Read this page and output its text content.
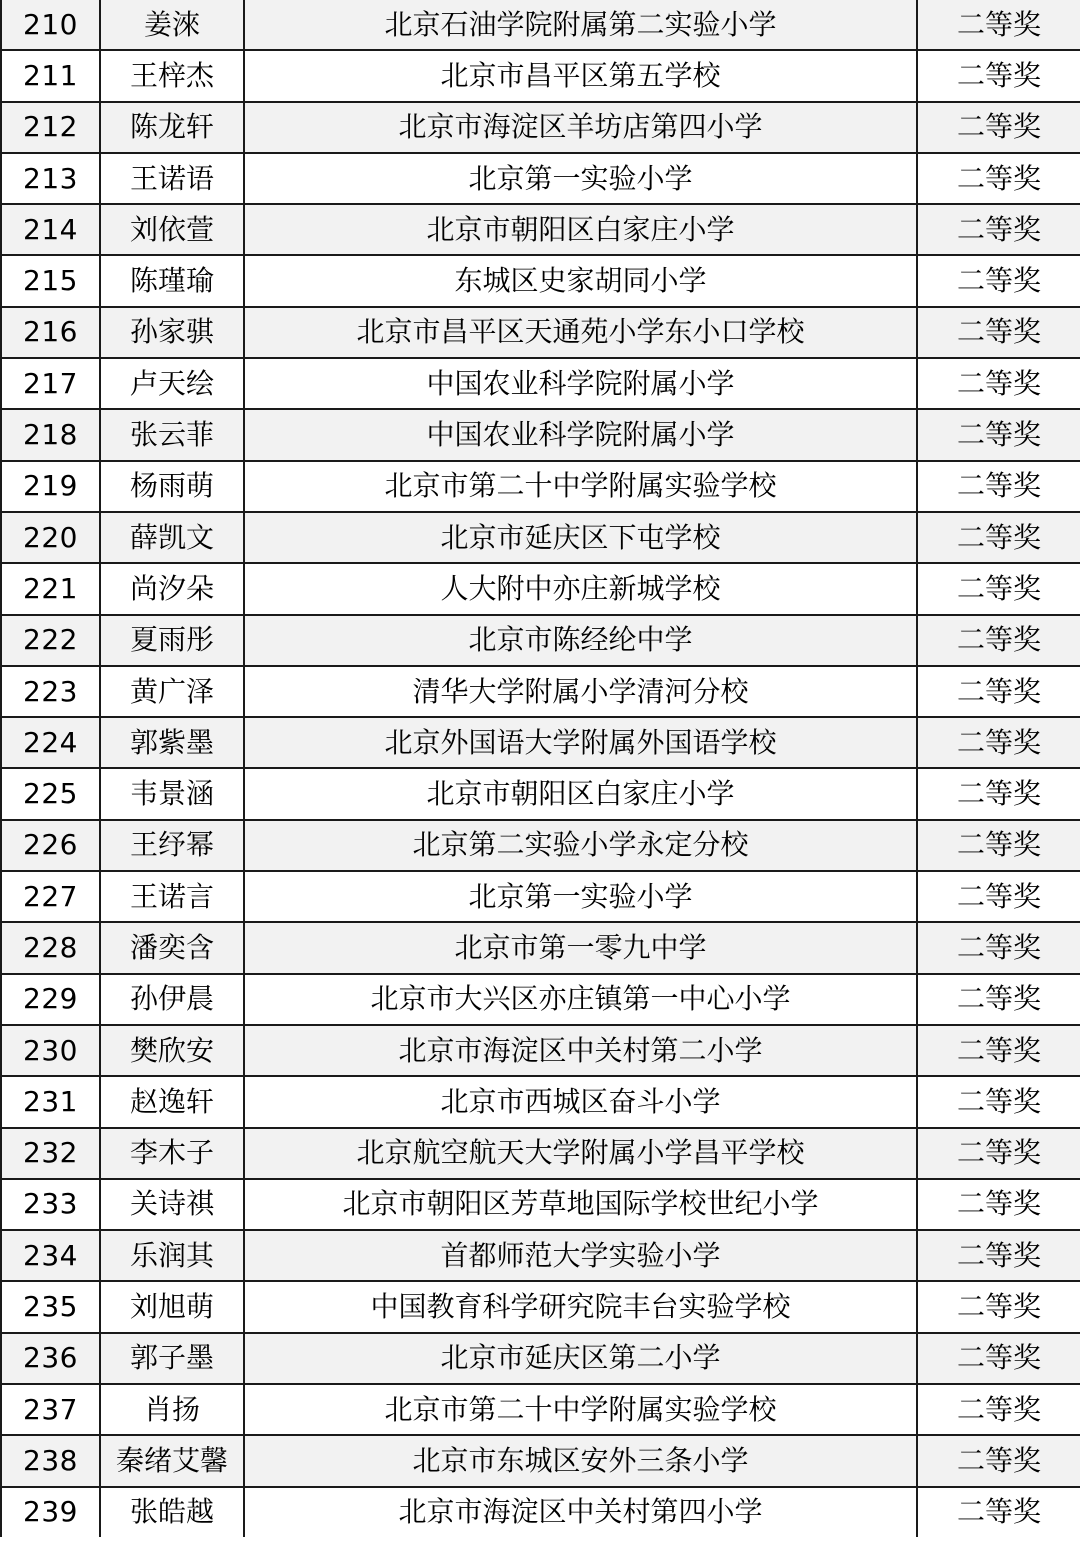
210	姜淶	北京石油学院附属第二实验小学	二等奖
211	王梓杰	北京市昌平区第五学校	二等奖
212	陈龙轩	北京市海淀区羊坊店第四小学	二等奖
213	王诺语	北京第一实验小学	二等奖
214	刘依萱	北京市朝阳区白家庄小学	二等奖
215	陈瑾瑜	东城区史家胡同小学	二等奖
216	孙家骐	北京市昌平区天通苑小学东小口学校	二等奖
217	卢天绘	中国农业科学院附属小学	二等奖
218	张云菲	中国农业科学院附属小学	二等奖
219	杨雨萌	北京市第二十中学附属实验学校	二等奖
220	薛凯文	北京市延庆区下屯学校	二等奖
221	尚汐朵	人大附中亦庄新城学校	二等奖
222	夏雨彤	北京市陈经纶中学	二等奖
223	黄广泽	清华大学附属小学清河分校	二等奖
224	郭紫墨	北京外国语大学附属外国语学校	二等奖
225	韦景涵	北京市朝阳区白家庄小学	二等奖
226	王纾幂	北京第二实验小学永定分校	二等奖
227	王诺言	北京第一实验小学	二等奖
228	潘奕含	北京市第一零九中学	二等奖
229	孙伊晨	北京市大兴区亦庄镇第一中心小学	二等奖
230	樊欣安	北京市海淀区中关村第二小学	二等奖
231	赵逸轩	北京市西城区奋斗小学	二等奖
232	李木子	北京航空航天大学附属小学昌平学校	二等奖
233	关诗祺	北京市朝阳区芳草地国际学校世纪小学	二等奖
234	乐润其	首都师范大学实验小学	二等奖
235	刘旭萌	中国教育科学研究院丰台实验学校	二等奖
236	郭子墨	北京市延庆区第二小学	二等奖
237	肖扬	北京市第二十中学附属实验学校	二等奖
238	秦绪艾馨	北京市东城区安外三条小学	二等奖
239	张皓越	北京市海淀区中关村第四小学	二等奖
